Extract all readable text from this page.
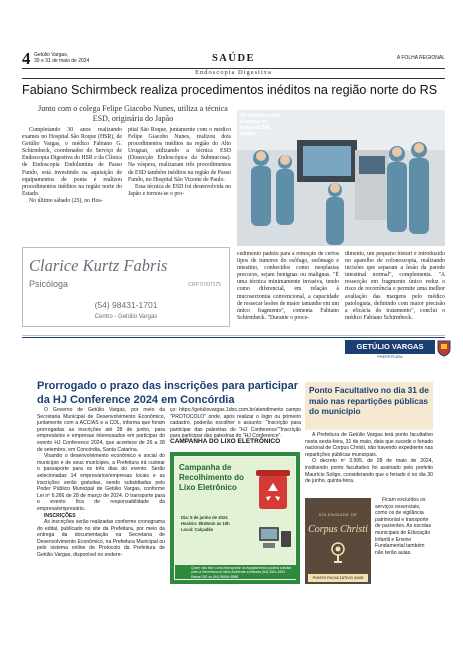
4 Getúlio Vargas,
30 e 31 de maio de 2024	SAÚDE	A FOLHA REGIONAL
Endoscopia Digestiva
Fabiano Schirmbeck realiza procedimentos inéditos na região norte do RS
Junto com o colega Felipe Giacobo Nunes, utiliza a técnica ESD, originária do Japão

Completando 30 anos realizando exames no Hospital São Roque (HSR), de Getúlio Vargas, o médico Fabiano G. Schirmbeck, coordenador do Serviço de Endoscopia Digestiva do HSR e da Clínica de Endoscopia Endolumina de Passo Fundo, está investindo na aquisição de equipamentos de ponta e realizou procedimentos inéditos na região norte do Estado.

No último sábado (25), no Hos-

pital São Roque, juntamente com o médico Felipe Giacobo Nunes, realizou dois procedimentos inéditos na região do Alto Uruguai, utilizando a técnica ESD (Dissecção Endoscópica da Submucosa). Na véspera, realizaram três procedimentos de ESD também inéditos na região de Passo Fundo, no Hospital São Vicente de Paulo.

Essa técnica de ESD foi desenvolvida no Japão e tornou-se o pro-

Os médicos com a equipe no Hospital São Roque
Clarice Kurtz Fabris
Psicóloga	CRP 07/07175
(54) 98431-1701
Centro - Getúlio Vargas

cedimento padrão para a remoção de certos tipos de tumores do esôfago, estômago e intestino, conhecidos como neoplasias precoces, sejam benignas ou malignas. "É uma técnica minimamente invasiva, tendo como diferencial, em relação à mucosectomia convencional, a capacidade de ressecar lesões de maior tamanho em um único fragmento", comenta Fabiano Schirmbeck. "Durante o proce-

dimento, um pequeno bisturi é introduzido no aparelho de colonoscopia, realizando incisões que separam a lesão da parede intestinal normal", complementa. "A ressecção em fragmento único reduz o risco de recorrência e permite uma melhor avaliação das margens pelo médico patologista, definindo com maior precisão a eficácia do tratamento", conclui o médico Fabiano Schirmbeck.

GETÚLIO VARGAS
PREFEITURA
Prorrogado o prazo das inscrições para participar da HJ Conference 2024 em Concórdia

O Governo de Getúlio Vargas, por meio da Secretaria Municipal de Desenvolvimento Econômico, juntamente com a ACCIAS e a CDL, informa que foram prorrogadas as inscrições até 28 de junho, para empresários e empresas interessados em participar do evento HJ Conference 2024, que acontece de 26 a 28 de setembro, em Concórdia, Santa Catarina.

Visando o desenvolvimento econômico e social do município e de seus munícipes, a Prefeitura irá custear o passaporte para os três dias do evento. Serão selecionadas 14 empresários/empresas locais e as inscrições serão gratuitas, sendo subsidiadas pelo Poder Público Municipal de Getúlio Vargas, conforme Lei nº 6.266 de 28 de março de 2024. O transporte para o evento fica de responsabilidade da empresa/empresário.

INSCRIÇÕES

As inscrições serão realizadas conforme cronograma do edital, publicado no site da Prefeitura, por meio da entrega da documentação na Secretaria de Desenvolvimento Econômico, na Prefeitura Municipal ou pelo sistema online de Protocolo da Prefeitura de Getúlio Vargas, disponível no endere-

ço: https://getuliovargas.1doc.com.br/atendimento campo "PROTOCOLO" onde, após realizar o login ou primeiro cadastro, poderão escolher o assunto: "Inscrição para participar das palestras do "HJ Conference""Inscrição para participar das palestras do "HJ Conference".

CAMPANHA DO LIXO ELETRÔNICO
Campanha de Recolhimento do Lixo Eletrônico
Dia: 5 de junho de 2024
Horário: 8h30min às 16h
Local: Calçadão
Quem não tiver como transportar os equipamentos poderá solicitar junto à Secretaria do Meio Ambiente a retirada (54) 3341-1600 - Ramal 252 ou (54) 98494-8988
Ponto Facultativo no dia 31 de maio nas repartições públicas do município

A Prefeitura de Getúlio Vargas terá ponto facultativo nesta sexta-feira, 31 de maio, data que sucede o feriado nacional de Corpus Christi, não havendo expediente nas repartições públicas municipais.

O decreto nº 3.995, de 28 de maio de 2024, instituindo ponto facultativo foi assinado pelo prefeito Maurício Soligo, considerando que o feriado é no dia 30 de junho, quinta-feira.

SOLENIDADE DE
Corpus Christi
PONTO FACULTATIVO 31/05

Ficam excluídos os serviços essenciais, como os de vigilância patrimonial e transporte de pacientes. As escolas municipais de Educação Infantil e Ensino Fundamental também não terão aulas.
